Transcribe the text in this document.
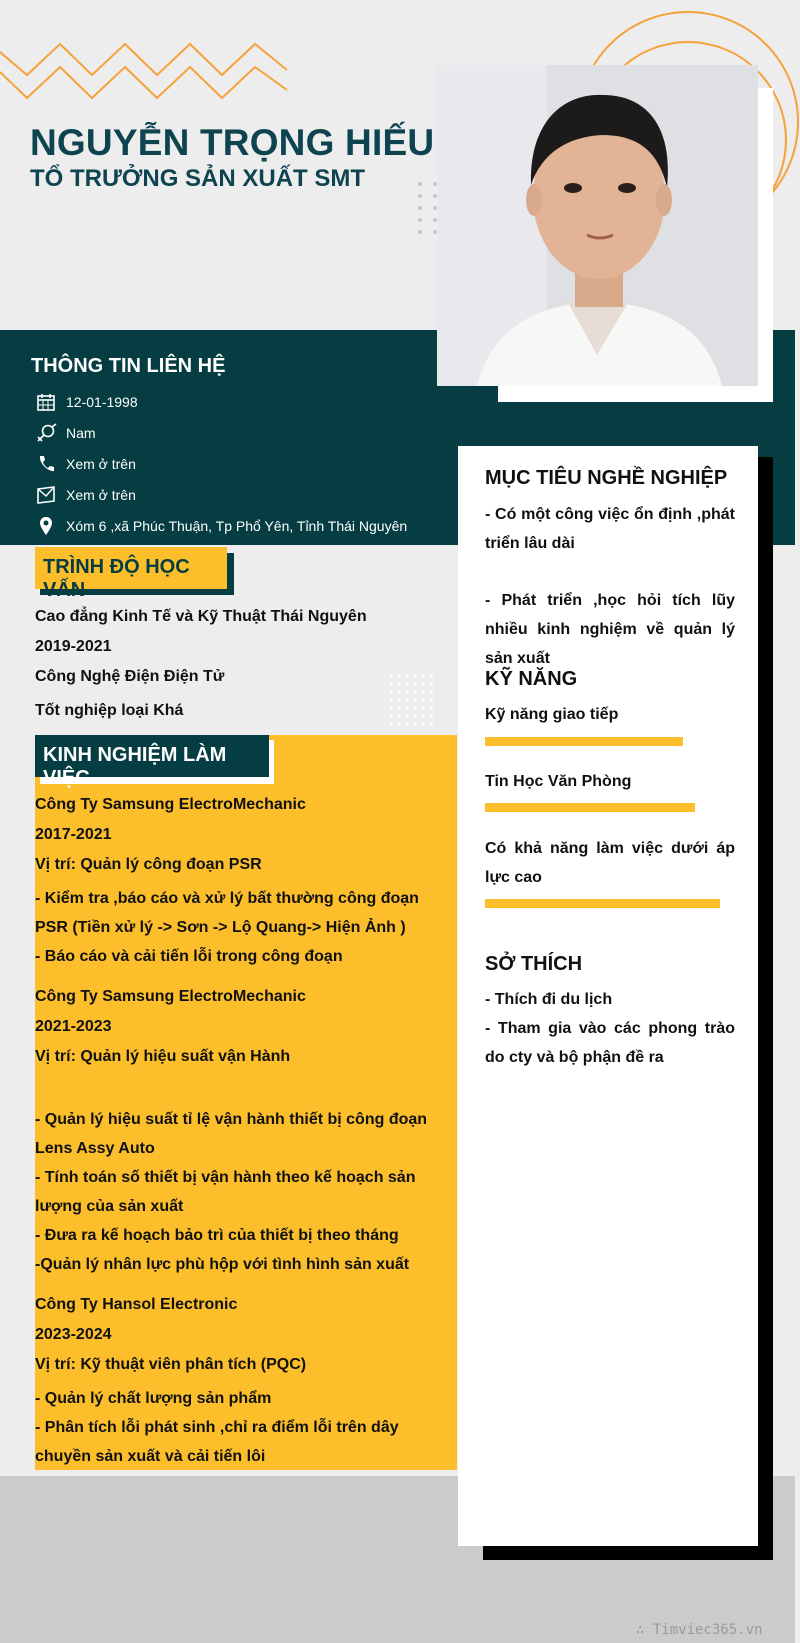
NGUYỄN TRỌNG HIẾU
TỔ TRƯỞNG SẢN XUẤT SMT
THÔNG TIN LIÊN HỆ
12-01-1998
Nam
Xem ở trên
Xem ở trên
Xóm 6 ,xã Phúc Thuận, Tp Phổ Yên, Tỉnh Thái Nguyên
TRÌNH ĐỘ HỌC VẤN
Cao đẳng Kinh Tế và Kỹ Thuật Thái Nguyên
2019-2021
Công Nghệ Điện Điện Tử
Tốt nghiệp loại Khá
KINH NGHIỆM LÀM VIỆC
Công Ty Samsung ElectroMechanic
2017-2021
Vị trí: Quản lý công đoạn PSR
- Kiểm tra ,báo cáo và xử lý bất thường công đoạn PSR (Tiền xử lý -> Sơn -> Lộ Quang-> Hiện Ảnh )
- Báo cáo và cải tiến lỗi trong công đoạn
Công Ty Samsung ElectroMechanic
2021-2023
Vị trí: Quản lý hiệu suất vận Hành
- Quản lý hiệu suất tỉ lệ vận hành thiết bị công đoạn Lens Assy Auto
- Tính toán số thiết bị vận hành theo kế hoạch sản lượng của sản xuất
- Đưa ra kế hoạch bảo trì của thiết bị theo tháng
-Quản lý nhân lực phù hộp với tình hình sản xuất
Công Ty Hansol Electronic
2023-2024
Vị trí: Kỹ thuật viên phân tích (PQC)
- Quản lý chất lượng sản phẩm
- Phân tích lỗi phát sinh ,chỉ ra điểm lỗi trên dây chuyền sản xuất và cải tiến lôi
MỤC TIÊU NGHỀ NGHIỆP
- Có một công việc ổn định ,phát triển lâu dài
- Phát triển ,học hỏi tích lũy nhiều kinh nghiệm về quản lý sản xuất
KỸ NĂNG
Kỹ năng giao tiếp
Tin Học Văn Phòng
Có khả năng làm việc dưới áp lực cao
SỞ THÍCH
- Thích đi du lịch
- Tham gia vào các phong trào do cty và bộ phận đề ra
∴ Timviec365.vn
